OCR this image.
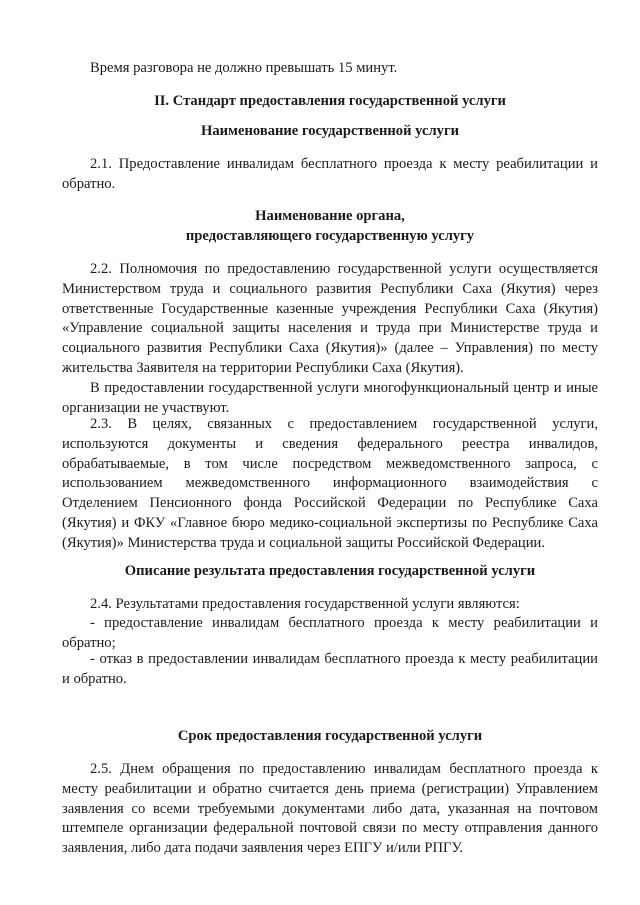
Время разговора не должно превышать 15 минут.

II. Стандарт предоставления государственной услуги

Наименование государственной услуги

2.1. Предоставление инвалидам бесплатного проезда к месту реабилитации и обратно.

Наименование органа,
предоставляющего государственную услугу

2.2. Полномочия по предоставлению государственной услуги осуществляется Министерством труда и социального развития Республики Саха (Якутия) через ответственные Государственные казенные учреждения Республики Саха (Якутия) «Управление социальной защиты населения и труда при Министерстве труда и социального развития Республики Саха (Якутия)» (далее – Управления) по месту жительства Заявителя на территории Республики Саха (Якутия).

В предоставлении государственной услуги многофункциональный центр и иные организации не участвуют.

2.3. В целях, связанных с предоставлением государственной услуги, используются документы и сведения федерального реестра инвалидов, обрабатываемые, в том числе посредством межведомственного запроса, с использованием межведомственного информационного взаимодействия с Отделением Пенсионного фонда Российской Федерации по Республике Саха (Якутия) и ФКУ «Главное бюро медико-социальной экспертизы по Республике Саха (Якутия)» Министерства труда и социальной защиты Российской Федерации.

Описание результата предоставления государственной услуги

2.4. Результатами предоставления государственной услуги являются:

- предоставление инвалидам бесплатного проезда к месту реабилитации и обратно;

- отказ в предоставлении инвалидам бесплатного проезда к месту реабилитации и обратно.

Срок предоставления государственной услуги

2.5. Днем обращения по предоставлению инвалидам бесплатного проезда к месту реабилитации и обратно считается день приема (регистрации) Управлением заявления со всеми требуемыми документами либо дата, указанная на почтовом штемпеле организации федеральной почтовой связи по месту отправления данного заявления, либо дата подачи заявления через ЕПГУ и/или РПГУ.
